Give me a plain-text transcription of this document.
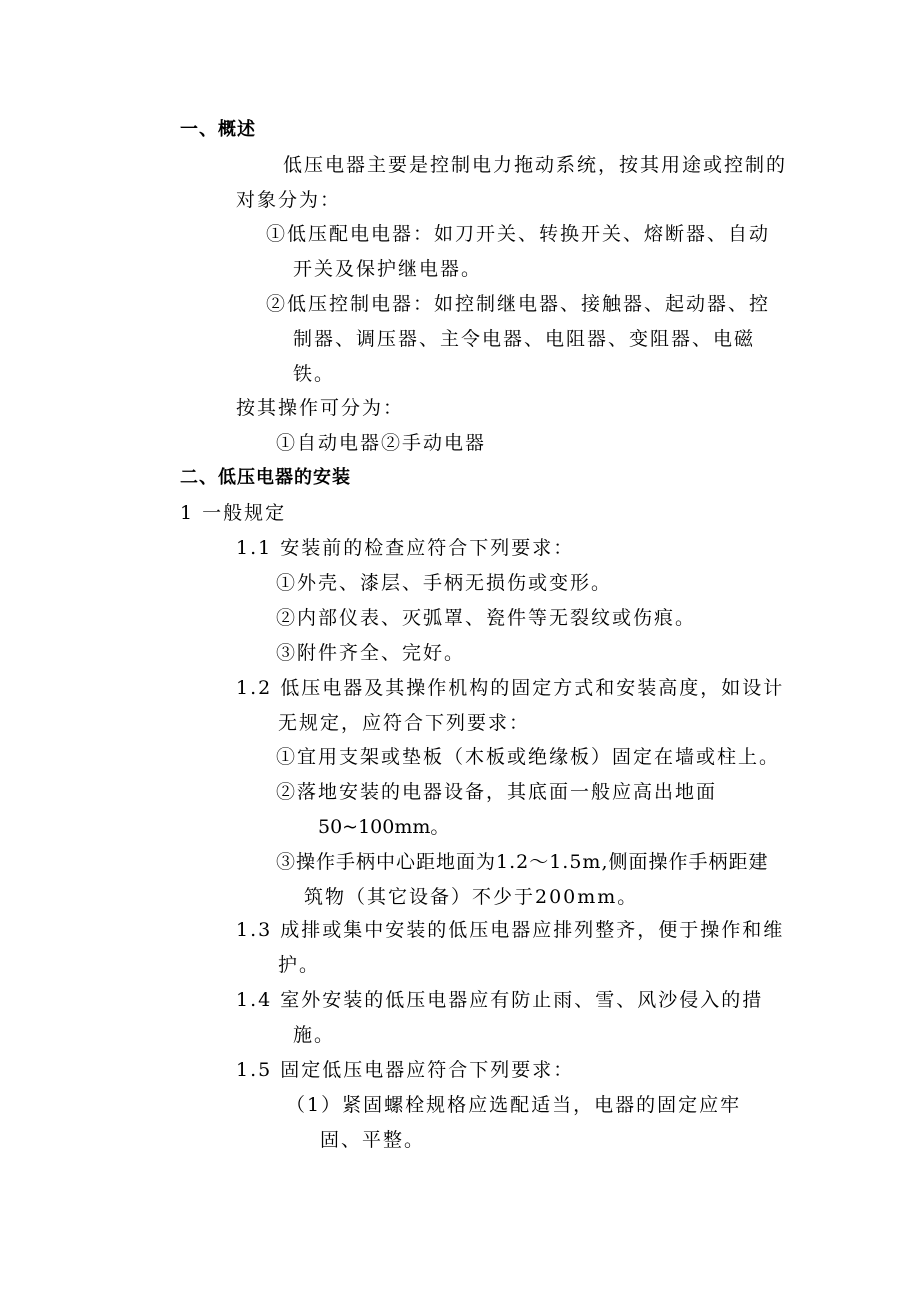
一、概述
低压电器主要是控制电力拖动系统，按其用途或控制的
对象分为：
①低压配电电器：如刀开关、转换开关、熔断器、自动
开关及保护继电器。
②低压控制电器：如控制继电器、接触器、起动器、控
制器、调压器、主令电器、电阻器、变阻器、电磁
铁。
按其操作可分为：
①自动电器②手动电器
二、低压电器的安装
1 一般规定
1.1 安装前的检查应符合下列要求：
①外壳、漆层、手柄无损伤或变形。
②内部仪表、灭弧罩、瓷件等无裂纹或伤痕。
③附件齐全、完好。
1.2 低压电器及其操作机构的固定方式和安装高度，如设计
无规定，应符合下列要求：
①宜用支架或垫板（木板或绝缘板）固定在墙或柱上。
②落地安装的电器设备，其底面一般应高出地面
50~100mm。
③操作手柄中心距地面为1.2～1.5m,侧面操作手柄距建
筑物（其它设备）不少于200mm。
1.3 成排或集中安装的低压电器应排列整齐，便于操作和维
护。
1.4 室外安装的低压电器应有防止雨、雪、风沙侵入的措
施。
1.5 固定低压电器应符合下列要求：
（1）紧固螺栓规格应选配适当，电器的固定应牢
固、平整。
